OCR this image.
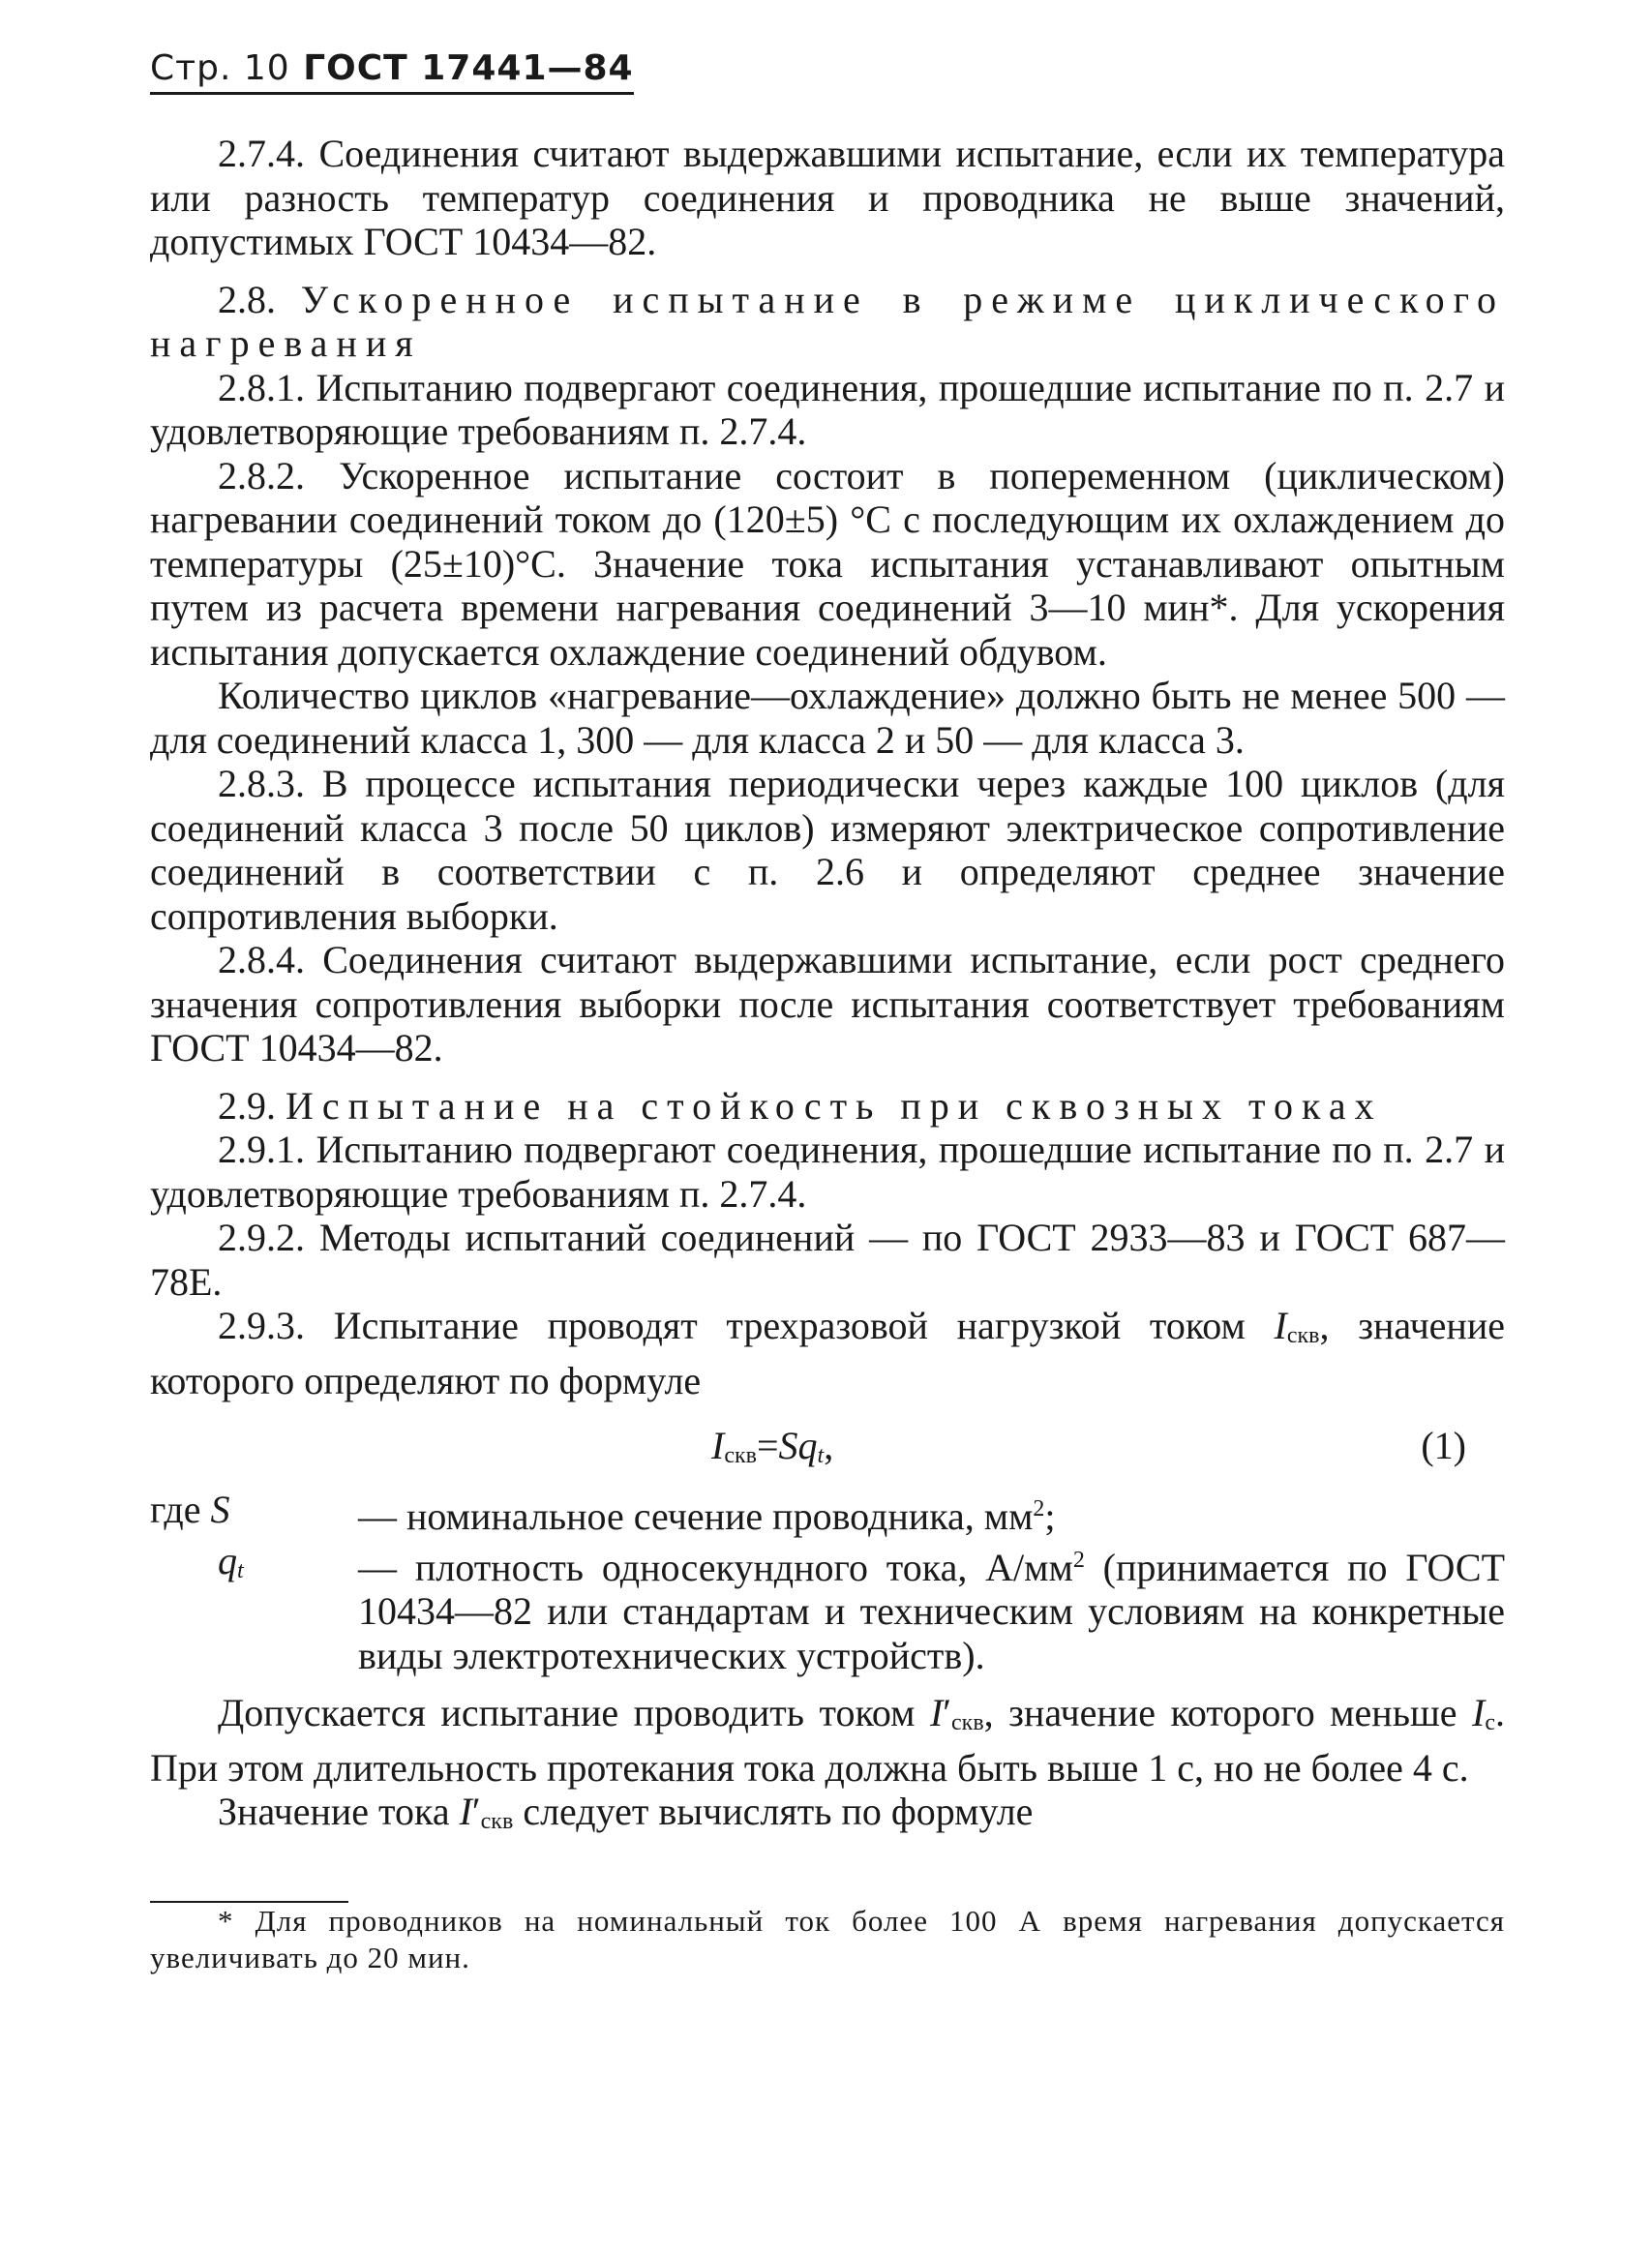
Стр. 10 ГОСТ 17441—84

2.7.4. Соединения считают выдержавшими испытание, если их температура или разность температур соединения и проводника не выше значений, допустимых ГОСТ 10434—82.

2.8. Ускоренное испытание в режиме циклического нагревания

2.8.1. Испытанию подвергают соединения, прошедшие испытание по п. 2.7 и удовлетворяющие требованиям п. 2.7.4.

2.8.2. Ускоренное испытание состоит в попеременном (циклическом) нагревании соединений током до (120±5) °С с последующим их охлаждением до температуры (25±10)°С. Значение тока испытания устанавливают опытным путем из расчета времени нагревания соединений 3—10 мин*. Для ускорения испытания допускается охлаждение соединений обдувом.

Количество циклов «нагревание—охлаждение» должно быть не менее 500 — для соединений класса 1, 300 — для класса 2 и 50 — для класса 3.

2.8.3. В процессе испытания периодически через каждые 100 циклов (для соединений класса 3 после 50 циклов) измеряют электрическое сопротивление соединений в соответствии с п. 2.6 и определяют среднее значение сопротивления выборки.

2.8.4. Соединения считают выдержавшими испытание, если рост среднего значения сопротивления выборки после испытания соответствует требованиям ГОСТ 10434—82.

2.9. Испытание на стойкость при сквозных токах

2.9.1. Испытанию подвергают соединения, прошедшие испытание по п. 2.7 и удовлетворяющие требованиям п. 2.7.4.

2.9.2. Методы испытаний соединений — по ГОСТ 2933—83 и ГОСТ 687—78Е.

2.9.3. Испытание проводят трехразовой нагрузкой током Iскв, значение которого определяют по формуле

Iскв=Sqt,	(1)
где S	— номинальное сечение проводника, $мм^2$;
qt	— плотность односекундного тока, $А/мм^2$ (принимается по ГОСТ 10434—82 или стандартам и техническим условиям на конкретные виды электротехнических устройств).

Допускается испытание проводить током I′скв, значение которого меньше Iс. При этом длительность протекания тока должна быть выше 1 с, но не более 4 с.

Значение тока I′скв следует вычислять по формуле

* Для проводников на номинальный ток более 100 А время нагревания допускается увеличивать до 20 мин.
